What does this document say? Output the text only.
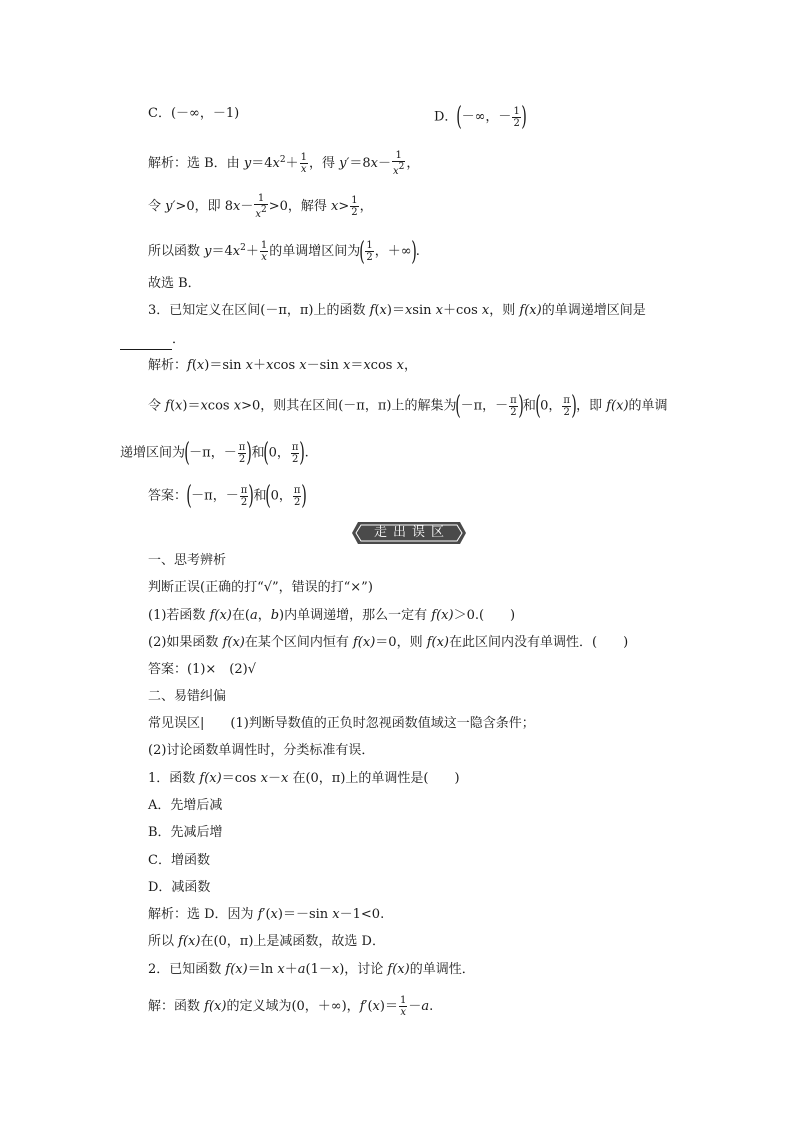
C．(－∞，－1)	D．(－∞，－ $\frac{1}{2}$ )
解析：选 B．由 $y=4x^2+ \frac{1}{x}$ ，得 $y'=8x- \frac{1}{x2}$ ，
令 y′>0，即 $8x- \frac{1}{x2} >0$，解得 $x> \frac{1}{2}$ ，
所以函数 $y=4x^2+ \frac{1}{x}$ 的单调增区间为( $\frac{1}{2}$ ，＋∞).
故选 B．
3．已知定义在区间(－π，π)上的函数 f(x)＝xsin x＋cos x，则 f(x)的单调递增区间是
．
解析：f(x)＝sin x＋xcos x－sin x＝xcos x，
令 f(x)＝xcos x>0，则其在区间(－π，π)上的解集为(－π，－ $\frac{\pi}{2}$ )和(0， $\frac{\pi}{2}$ )，即 f(x)的单调
递增区间为(－π，－ $\frac{\pi}{2}$ )和(0， $\frac{\pi}{2}$ ).
答案：(－π，－ $\frac{\pi}{2}$ )和(0， $\frac{\pi}{2}$ )
走出误区
一、思考辨析
判断正误(正确的打“√”，错误的打“×”)
(1)若函数 f(x)在(a，b)内单调递增，那么一定有 f(x)＞0.(　　)
(2)如果函数 f(x)在某个区间内恒有 f(x)＝0，则 f(x)在此区间内没有单调性．(　　)
答案：(1)×　(2)√
二、易错纠偏
常见误区| (1)判断导数值的正负时忽视函数值域这一隐含条件；
(2)讨论函数单调性时，分类标准有误．
1．函数 f(x)＝cos x－x 在(0，π)上的单调性是(　　)
A．先增后减
B．先减后增
C．增函数
D．减函数
解析：选 D．因为 f′(x)＝－sin x－1<0.
所以 f(x)在(0，π)上是减函数，故选 D．
2．已知函数 f(x)＝ln x＋a(1－x)，讨论 f(x)的单调性．
解：函数 f(x)的定义域为(0，＋∞)，$f'(x)= \frac{1}{x} -a$.
